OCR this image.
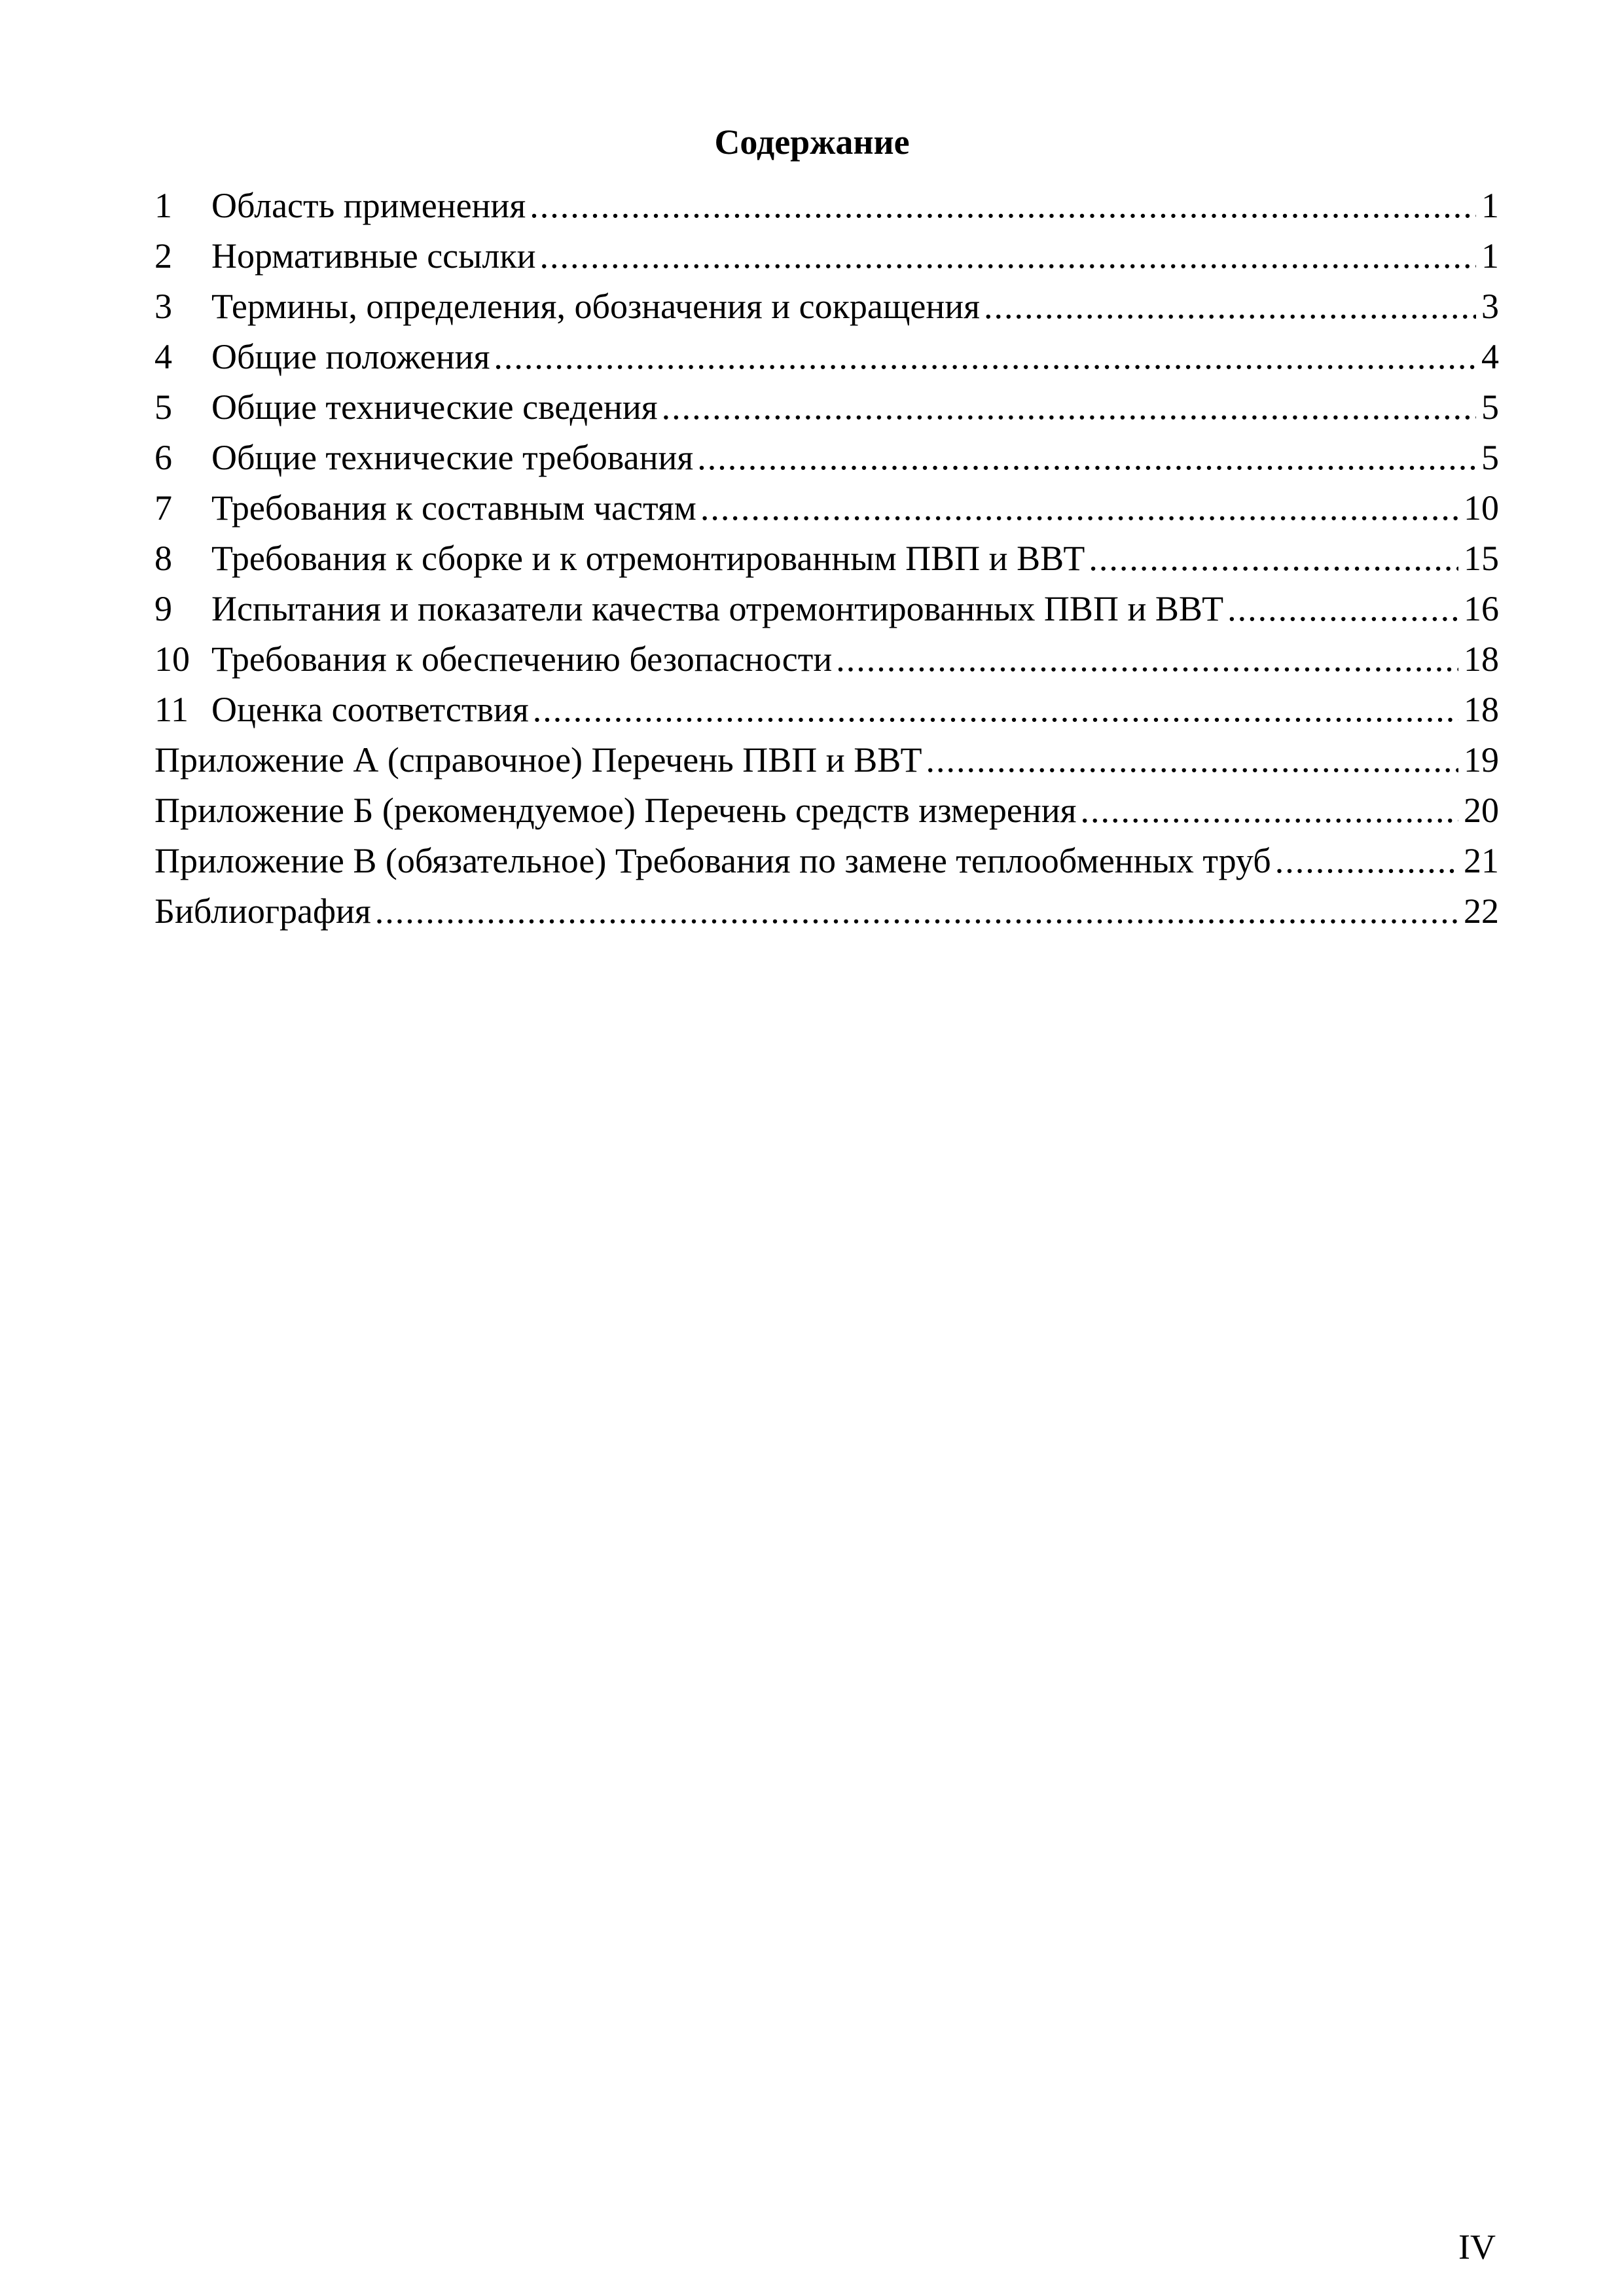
Содержание
1	Область применения .....	1
2	Нормативные ссылки .....	1
3	Термины, определения, обозначения и сокращения .....	3
4	Общие положения .....	4
5	Общие технические сведения .....	5
6	Общие технические требования .....	5
7	Требования к составным частям .....	10
8	Требования к сборке и к отремонтированным ПВП и ВВТ .....	15
9	Испытания и показатели качества отремонтированных ПВП и ВВТ .....	16
10 Требования к обеспечению безопасности .....	18
11 Оценка соответствия .....	18
Приложение А (справочное) Перечень ПВП и ВВТ .....	19
Приложение Б (рекомендуемое) Перечень средств измерения .....	20
Приложение В (обязательное) Требования по замене теплообменных труб .....	21
Библиография .....	22
IV
